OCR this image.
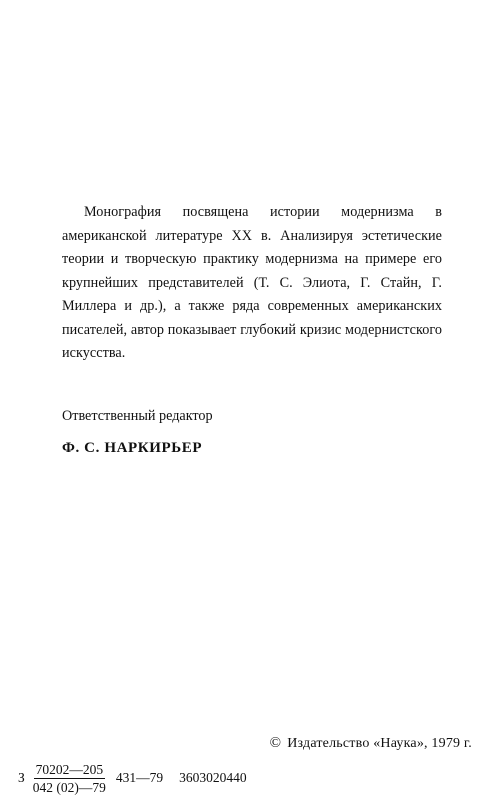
Монография посвящена истории модернизма в американской литературе XX в. Анализируя эстетические теории и творческую практику модернизма на примере его крупнейших представителей (Т. С. Элиота, Г. Стайн, Г. Миллера и др.), а также ряда современных американских писателей, автор показывает глубокий кризис модернистского искусства.

Ответственный редактор

Ф. С. НАРКИРЬЕР

© Издательство «Наука», 1979 г.

З $\frac{70202—205}{042 (02)—79}$ 431—79 3603020440
